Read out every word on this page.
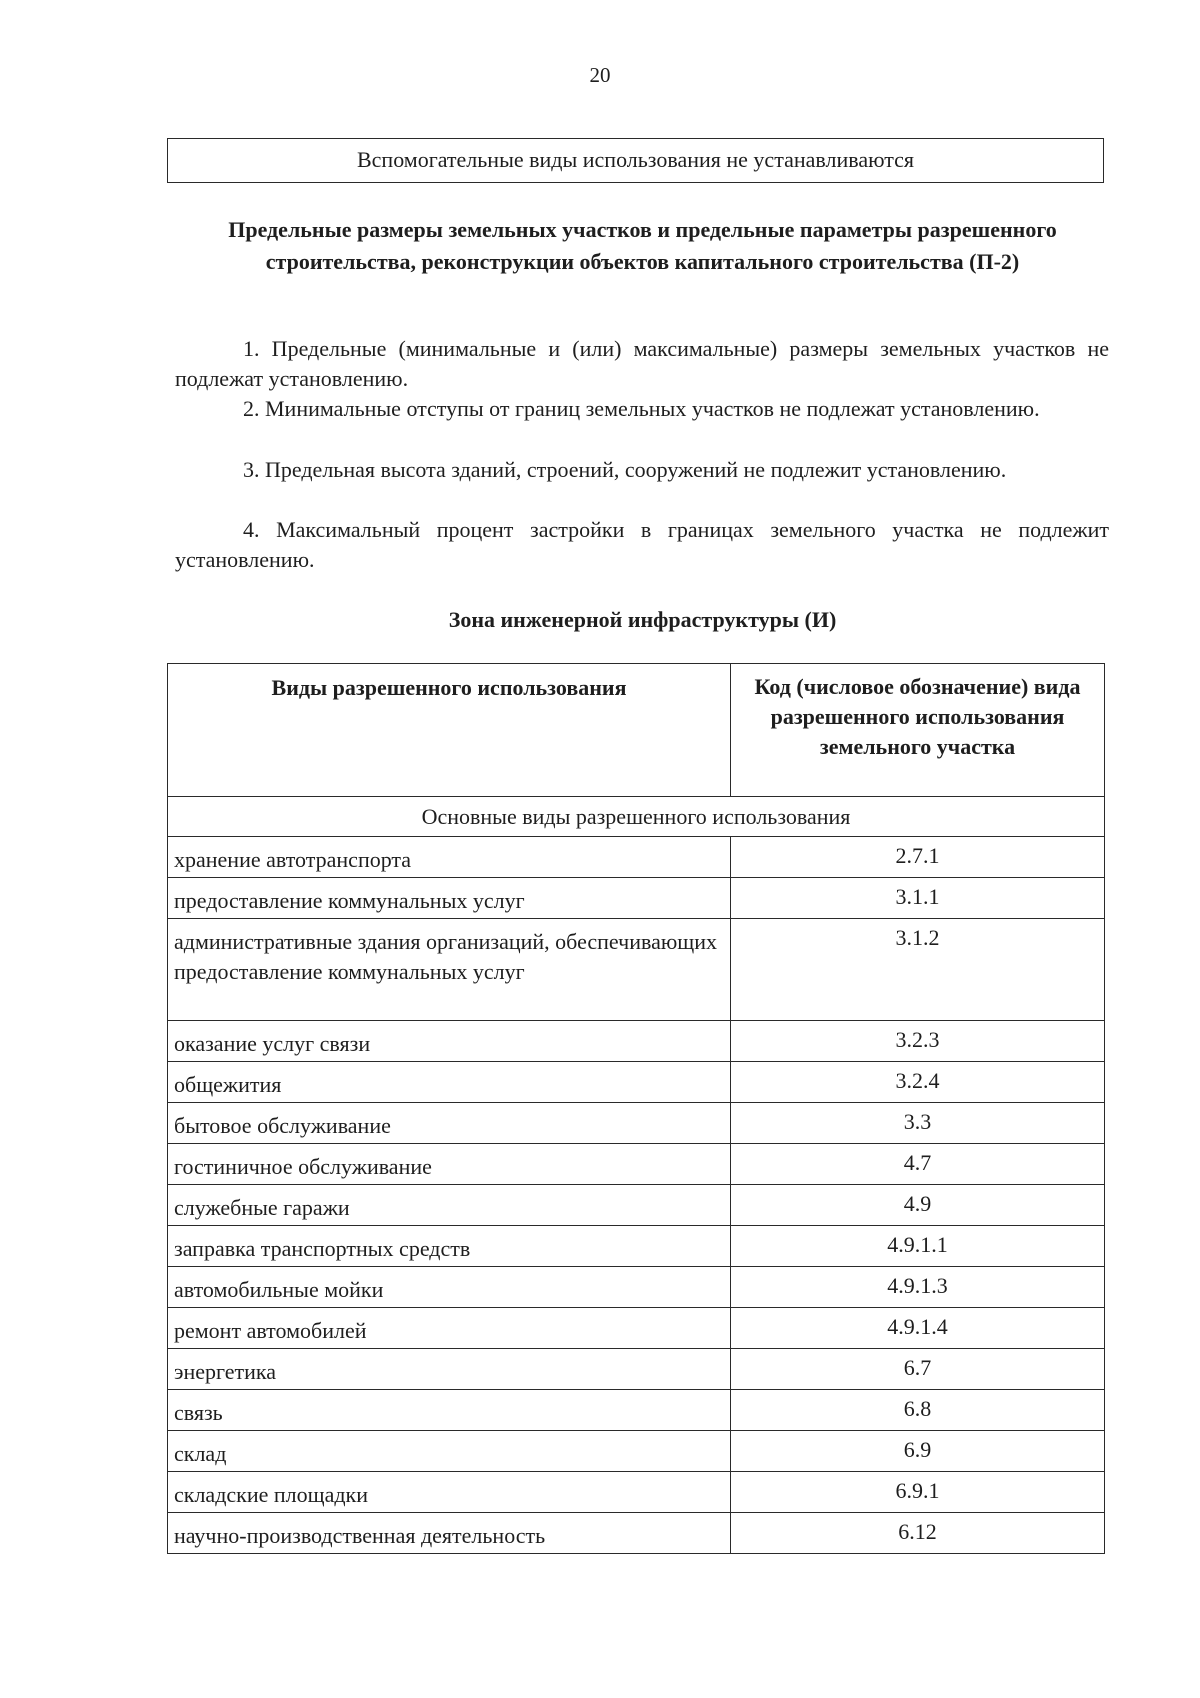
20
Вспомогательные виды использования не устанавливаются
Предельные размеры земельных участков и предельные параметры разрешенного строительства, реконструкции объектов капитального строительства (П-2)
1. Предельные (минимальные и (или) максимальные) размеры земельных участков не подлежат установлению.
2. Минимальные отступы от границ земельных участков не подлежат установлению.
3. Предельная высота зданий, строений, сооружений не подлежит установлению.
4. Максимальный процент застройки в границах земельного участка не подлежит установлению.
Зона инженерной инфраструктуры (И)
Виды разрешенного использования	Код (числовое обозначение) вида разрешенного использования земельного участка
Основные виды разрешенного использования	
хранение автотранспорта	2.7.1
предоставление коммунальных услуг	3.1.1
административные здания организаций, обеспечивающих предоставление коммунальных услуг	3.1.2
оказание услуг связи	3.2.3
общежития	3.2.4
бытовое обслуживание	3.3
гостиничное обслуживание	4.7
служебные гаражи	4.9
заправка транспортных средств	4.9.1.1
автомобильные мойки	4.9.1.3
ремонт автомобилей	4.9.1.4
энергетика	6.7
связь	6.8
склад	6.9
складские площадки	6.9.1
научно-производственная деятельность	6.12
